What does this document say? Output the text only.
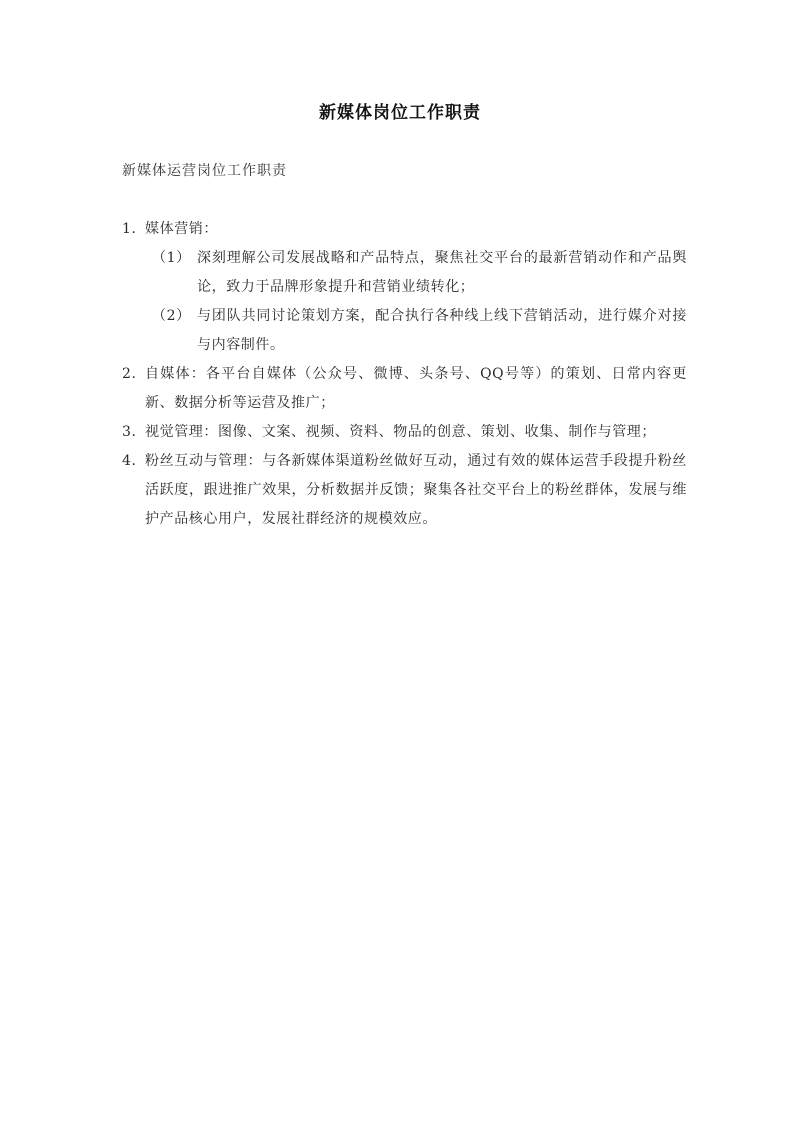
新媒体岗位工作职责
新媒体运营岗位工作职责
1. 媒体营销：
（1） 深刻理解公司发展战略和产品特点，聚焦社交平台的最新营销动作和产品舆论，致力于品牌形象提升和营销业绩转化；
（2） 与团队共同讨论策划方案，配合执行各种线上线下营销活动，进行媒介对接与内容制件。
2. 自媒体：各平台自媒体（公众号、微博、头条号、QQ号等）的策划、日常内容更新、数据分析等运营及推广；
3. 视觉管理：图像、文案、视频、资料、物品的创意、策划、收集、制作与管理；
4. 粉丝互动与管理：与各新媒体渠道粉丝做好互动，通过有效的媒体运营手段提升粉丝活跃度，跟进推广效果，分析数据并反馈；聚集各社交平台上的粉丝群体，发展与维护产品核心用户，发展社群经济的规模效应。
